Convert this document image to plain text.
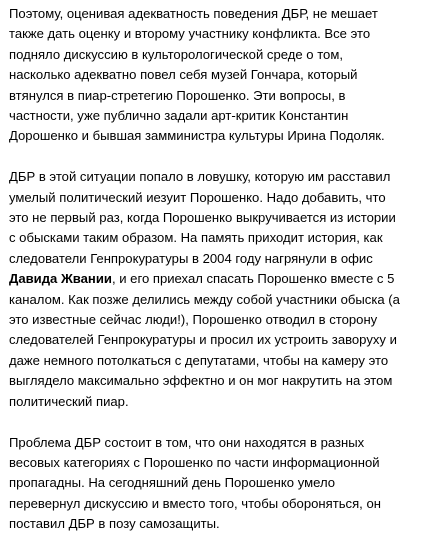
Поэтому, оценивая адекватность поведения ДБР, не мешает
также дать оценку и второму участнику конфликта. Все это
подняло дискуссию в культорологической среде о том,
насколько адекватно повел себя музей Гончара, который
втянулся в пиар-стретегию Порошенко. Эти вопросы, в
частности, уже публично задали арт-критик Константин
Дорошенко и бывшая замминистра культуры Ирина Подоляк.

ДБР в этой ситуации попало в ловушку, которую им расставил
умелый политический иезуит Порошенко. Надо добавить, что
это не первый раз, когда Порошенко выкручивается из истории
с обысками таким образом. На память приходит история, как
следователи Генпрокуратуры в 2004 году нагрянули в офис
Давида Жвании, и его приехал спасать Порошенко вместе с 5
каналом. Как позже делились между собой участники обыска (а
это известные сейчас люди!), Порошенко отводил в сторону
следователей Генпрокуратуры и просил их устроить заворуху и
даже немного потолкаться с депутатами, чтобы на камеру это
выглядело максимально эффектно и он мог накрутить на этом
политический пиар.

Проблема ДБР состоит в том, что они находятся в разных
весовых категориях с Порошенко по части информационной
пропагадны. На сегодняшний день Порошенко умело
перевернул дискуссию и вместо того, чтобы обороняться, он
поставил ДБР в позу самозащиты.
